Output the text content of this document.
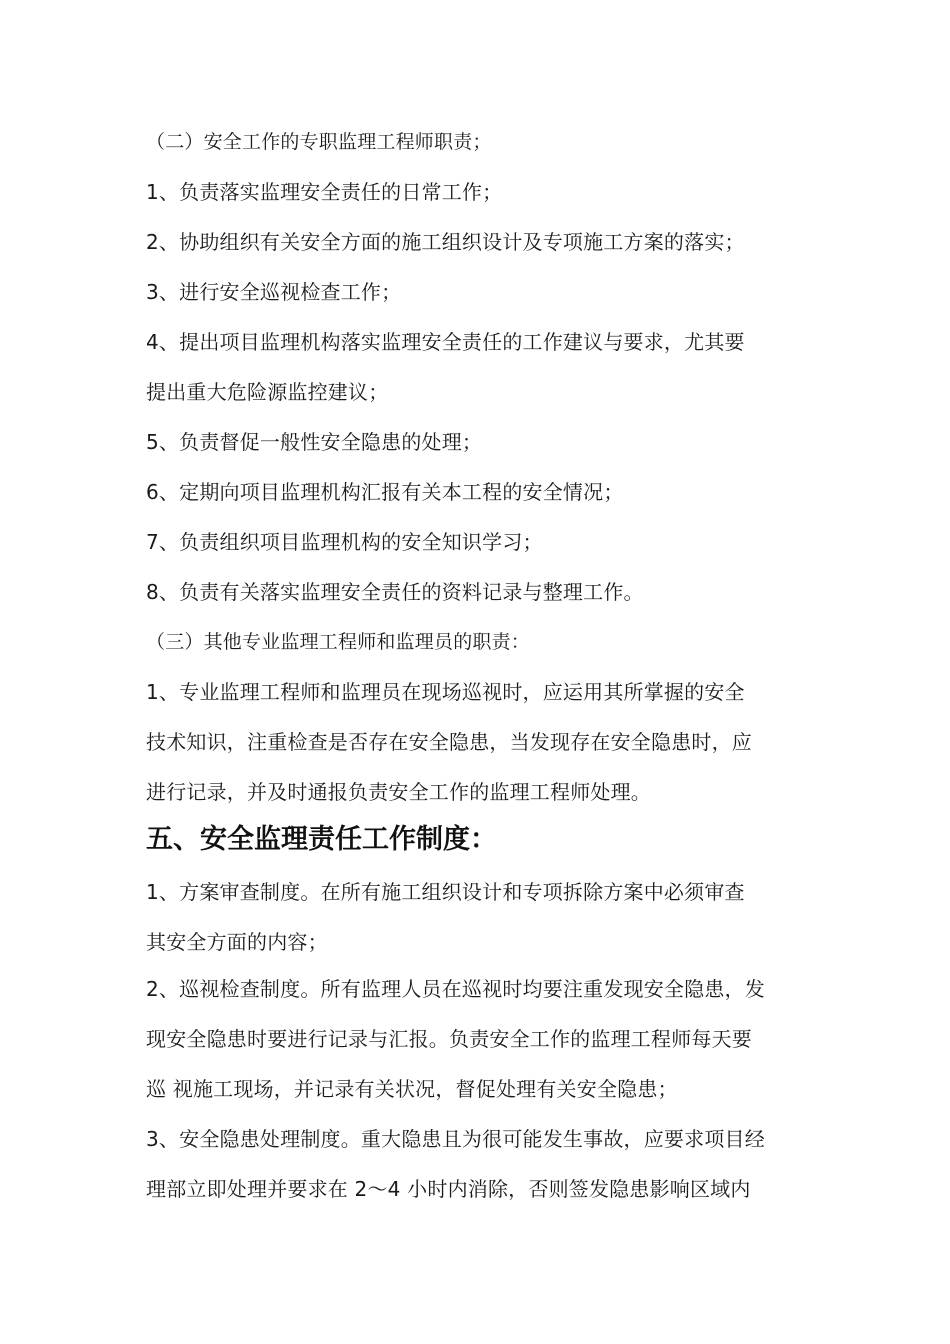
（二）安全工作的专职监理工程师职责；
1、负责落实监理安全责任的日常工作；
2、协助组织有关安全方面的施工组织设计及专项施工方案的落实；
3、进行安全巡视检查工作；
4、提出项目监理机构落实监理安全责任的工作建议与要求，尤其要
提出重大危险源监控建议；
5、负责督促一般性安全隐患的处理；
6、定期向项目监理机构汇报有关本工程的安全情况；
7、负责组织项目监理机构的安全知识学习；
8、负责有关落实监理安全责任的资料记录与整理工作。
（三）其他专业监理工程师和监理员的职责：
1、专业监理工程师和监理员在现场巡视时，应运用其所掌握的安全
技术知识，注重检查是否存在安全隐患，当发现存在安全隐患时，应
进行记录，并及时通报负责安全工作的监理工程师处理。
五、安全监理责任工作制度：
1、方案审查制度。在所有施工组织设计和专项拆除方案中必须审查
其安全方面的内容；
2、巡视检查制度。所有监理人员在巡视时均要注重发现安全隐患，发
现安全隐患时要进行记录与汇报。负责安全工作的监理工程师每天要
巡 视施工现场，并记录有关状况，督促处理有关安全隐患；
3、安全隐患处理制度。重大隐患且为很可能发生事故，应要求项目经
理部立即处理并要求在 2～4 小时内消除，否则签发隐患影响区域内
